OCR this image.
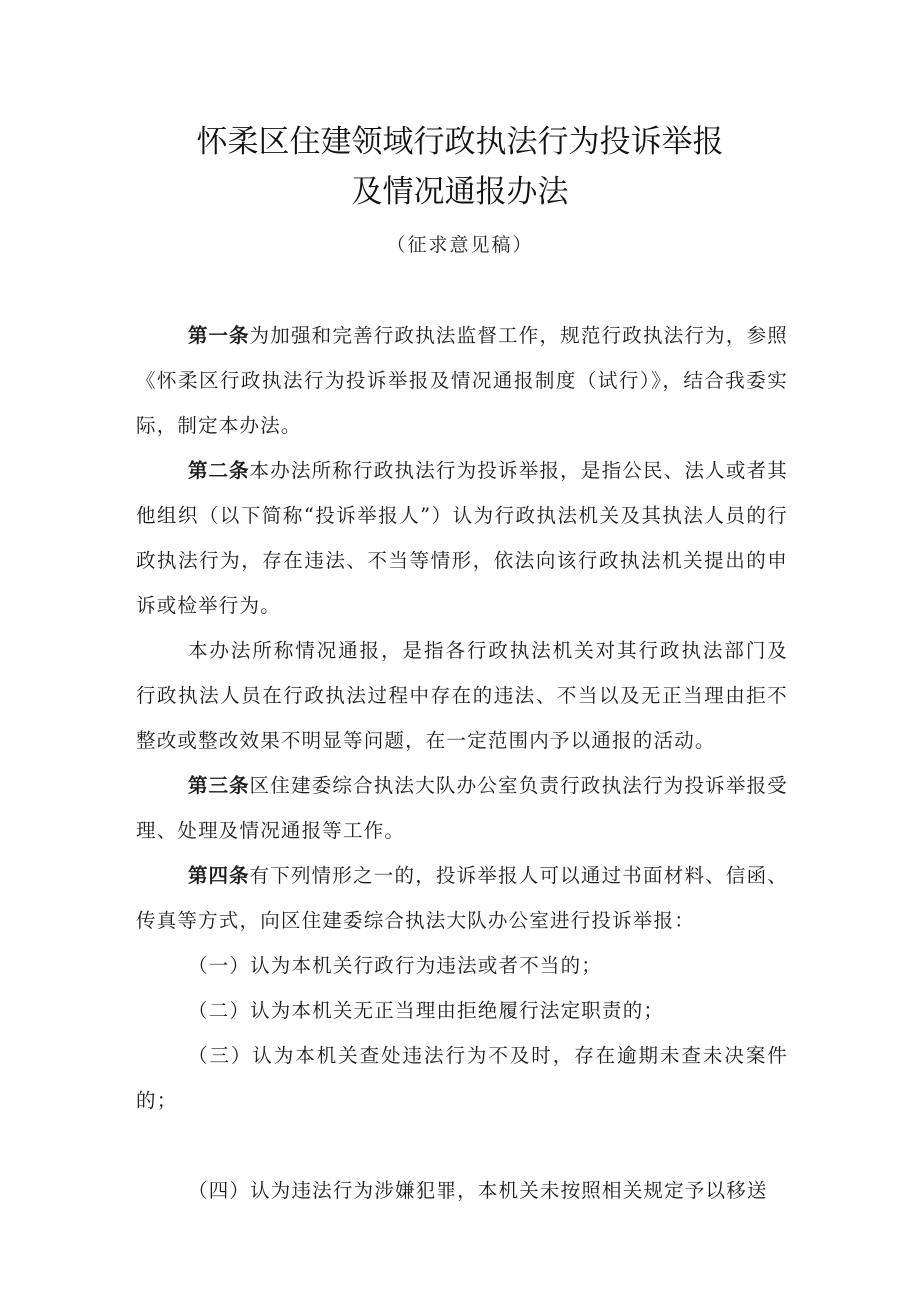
怀柔区住建领域行政执法行为投诉举报
及情况通报办法
（征求意见稿）

第一条为加强和完善行政执法监督工作，规范行政执法行为，参照《怀柔区行政执法行为投诉举报及情况通报制度（试行）》，结合我委实际，制定本办法。

第二条本办法所称行政执法行为投诉举报，是指公民、法人或者其他组织（以下简称“投诉举报人”）认为行政执法机关及其执法人员的行政执法行为，存在违法、不当等情形，依法向该行政执法机关提出的申诉或检举行为。

本办法所称情况通报，是指各行政执法机关对其行政执法部门及行政执法人员在行政执法过程中存在的违法、不当以及无正当理由拒不整改或整改效果不明显等问题，在一定范围内予以通报的活动。

第三条区住建委综合执法大队办公室负责行政执法行为投诉举报受理、处理及情况通报等工作。

第四条有下列情形之一的，投诉举报人可以通过书面材料、信函、传真等方式，向区住建委综合执法大队办公室进行投诉举报：

（一）认为本机关行政行为违法或者不当的；

（二）认为本机关无正当理由拒绝履行法定职责的；

（三）认为本机关查处违法行为不及时，存在逾期未查未决案件的；

（四）认为违法行为涉嫌犯罪，本机关未按照相关规定予以移送
